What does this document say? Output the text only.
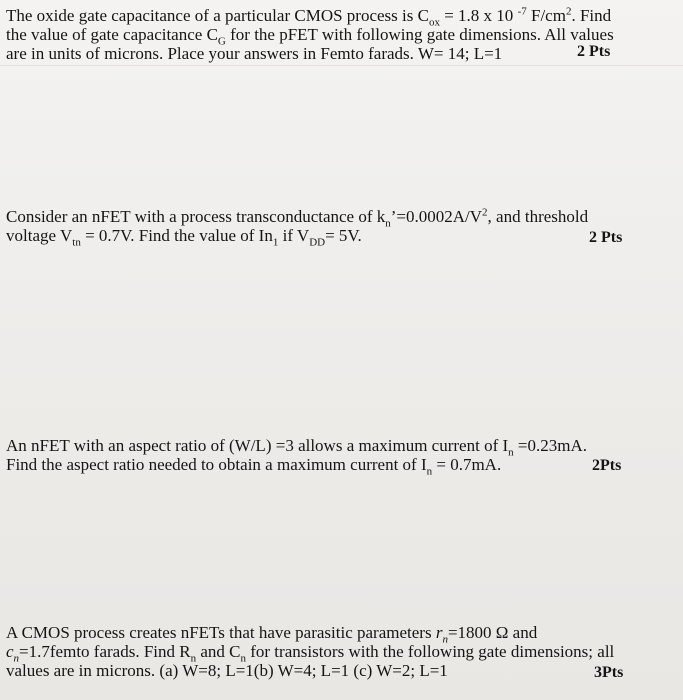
The oxide gate capacitance of a particular CMOS process is $C_{ox} = 1.8$ x 10 $^{-7}$ $F/cm^2$. Find
the value of gate capacitance $C_G$ for the pFET with following gate dimensions. All values
are in units of microns. Place your answers in Femto farads. W= 14; L=1	2 Pts
Consider an nFET with a process transconductance of $k_n’=0.0002A/V^2$, and threshold
voltage $V_{tn} = 0.7V$. Find the value of $In_1$ if $V_{DD}= 5V$.	2 Pts
An nFET with an aspect ratio of (W/L) =3 allows a maximum current of $I_n =0.23mA$.
Find the aspect ratio needed to obtain a maximum current of $I_n = 0.7mA$.	2Pts
A CMOS process creates nFETs that have parasitic parameters $r_n=1800$ Ω and
$c_n=1.7femto$ farads. Find $R_n$ and $C_n$ for transistors with the following gate dimensions; all
values are in microns. (a) W=8; L=1(b) W=4; L=1 (c) W=2; L=1	3Pts
